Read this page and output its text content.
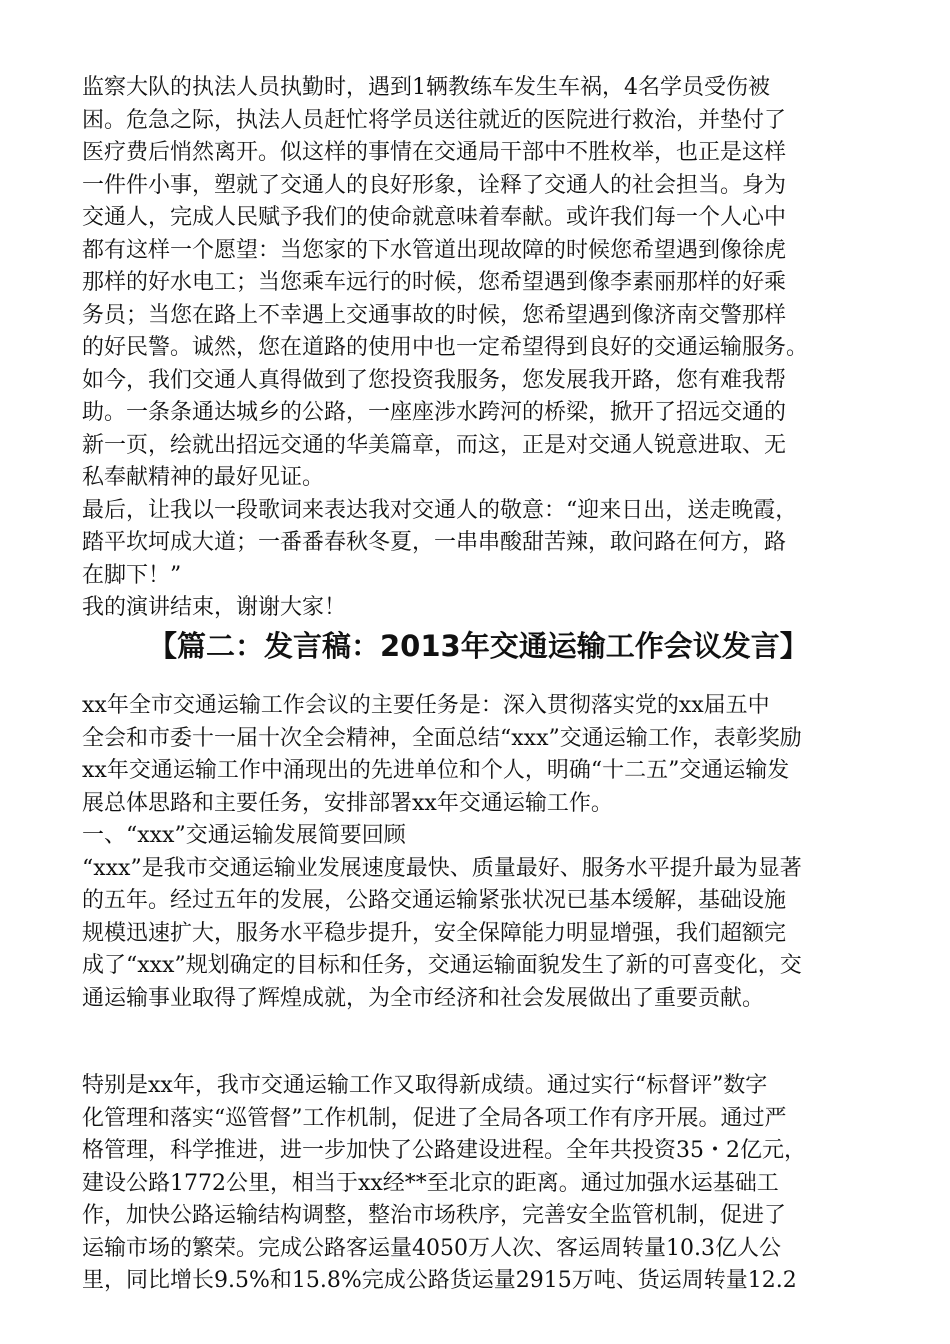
监察大队的执法人员执勤时，遇到1辆教练车发生车祸，4名学员受伤被
困。危急之际，执法人员赶忙将学员送往就近的医院进行救治，并垫付了
医疗费后悄然离开。似这样的事情在交通局干部中不胜枚举，也正是这样
一件件小事，塑就了交通人的良好形象，诠释了交通人的社会担当。身为
交通人，完成人民赋予我们的使命就意味着奉献。或许我们每一个人心中
都有这样一个愿望：当您家的下水管道出现故障的时候您希望遇到像徐虎
那样的好水电工；当您乘车远行的时候，您希望遇到像李素丽那样的好乘
务员；当您在路上不幸遇上交通事故的时候，您希望遇到像济南交警那样
的好民警。诚然，您在道路的使用中也一定希望得到良好的交通运输服务。
如今，我们交通人真得做到了您投资我服务，您发展我开路，您有难我帮
助。一条条通达城乡的公路，一座座涉水跨河的桥梁，掀开了招远交通的
新一页，绘就出招远交通的华美篇章，而这，正是对交通人锐意进取、无
私奉献精神的最好见证。
最后，让我以一段歌词来表达我对交通人的敬意：“迎来日出，送走晚霞，
踏平坎坷成大道；一番番春秋冬夏，一串串酸甜苦辣，敢问路在何方，路
在脚下！”
我的演讲结束，谢谢大家！
【篇二：发言稿：2013年交通运输工作会议发言】
xx年全市交通运输工作会议的主要任务是：深入贯彻落实党的xx届五中
全会和市委十一届十次全会精神，全面总结“xxx”交通运输工作，表彰奖励
xx年交通运输工作中涌现出的先进单位和个人，明确“十二五”交通运输发
展总体思路和主要任务，安排部署xx年交通运输工作。
一、“xxx”交通运输发展简要回顾
“xxx”是我市交通运输业发展速度最快、质量最好、服务水平提升最为显著
的五年。经过五年的发展，公路交通运输紧张状况已基本缓解，基础设施
规模迅速扩大，服务水平稳步提升，安全保障能力明显增强，我们超额完
成了“xxx”规划确定的目标和任务，交通运输面貌发生了新的可喜变化，交
通运输事业取得了辉煌成就，为全市经济和社会发展做出了重要贡献。
特别是xx年，我市交通运输工作又取得新成绩。通过实行“标督评”数字
化管理和落实“巡管督”工作机制，促进了全局各项工作有序开展。通过严
格管理，科学推进，进一步加快了公路建设进程。全年共投资35・2亿元，
建设公路1772公里，相当于xx经**至北京的距离。通过加强水运基础工
作，加快公路运输结构调整，整治市场秩序，完善安全监管机制，促进了
运输市场的繁荣。完成公路客运量4050万人次、客运周转量10.3亿人公
里，同比增长9.5%和15.8%完成公路货运量2915万吨、货运周转量12.2
